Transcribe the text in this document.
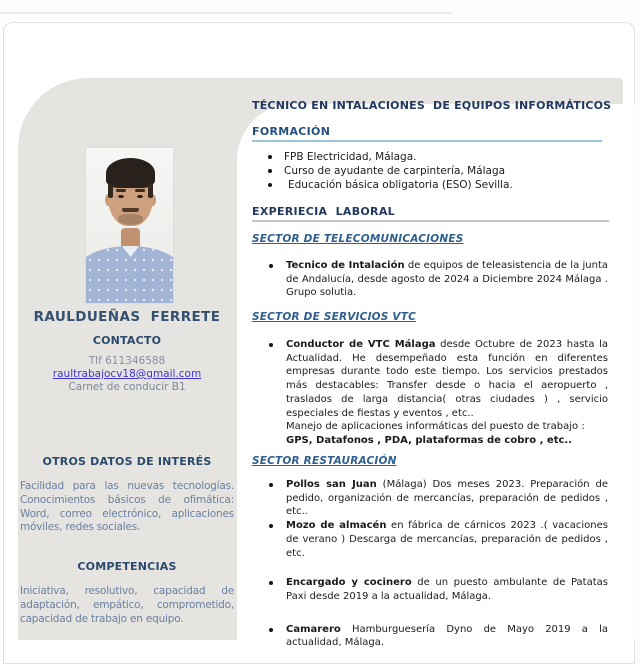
RAULDUEÑAS  FERRETE
CONTACTO
Tlf 611346588
raultrabajocv18@gmail.com
Carnet de conducir B1
OTROS DATOS DE INTERÉS
Facilidad para las nuevas tecnologías. Conocimientos básicos de ofimática: Word, correo electrónico, aplicaciones móviles, redes sociales.
COMPETENCIAS
Iniciativa, resolutivo, capacidad de adaptación, empático, comprometido, capacidad de trabajo en equipo.
TÉCNICO EN INTALACIONES  DE EQUIPOS INFORMÁTICOS
FORMACIÓN
FPB Electricidad, Málaga.
Curso de ayudante de carpintería, Málaga
Educación básica obligatoria (ESO) Sevilla.
EXPERIECIA  LABORAL
SECTOR DE TELECOMUNICACIONES
Tecnico de Intalación de equipos de teleasistencia de la junta de Andalucía, desde agosto de 2024 a Diciembre 2024 Málaga . Grupo solutia.
SECTOR DE SERVICIOS VTC
Conductor de VTC Málaga desde Octubre de 2023 hasta la Actualidad. He desempeñado esta función en diferentes empresas durante todo este tiempo. Los servicios prestados más destacables: Transfer desde o hacia el aeropuerto , traslados de larga distancia( otras ciudades ) , servicio especiales de fiestas y eventos , etc..
Manejo de aplicaciones informáticas del puesto de trabajo :
GPS, Datafonos , PDA, plataformas de cobro , etc..
SECTOR RESTAURACIÓN
Pollos san Juan (Málaga) Dos meses 2023. Preparación de pedido, organización de mercancías, preparación de pedidos , etc..
Mozo de almacén en fábrica de cárnicos 2023 .( vacaciones de verano ) Descarga de mercancías, preparación de pedidos , etc.
Encargado y cocinero de un puesto ambulante de Patatas Paxi desde 2019 a la actualidad, Málaga.
Camarero Hamburguesería Dyno de Mayo 2019 a la actualidad, Málaga.
